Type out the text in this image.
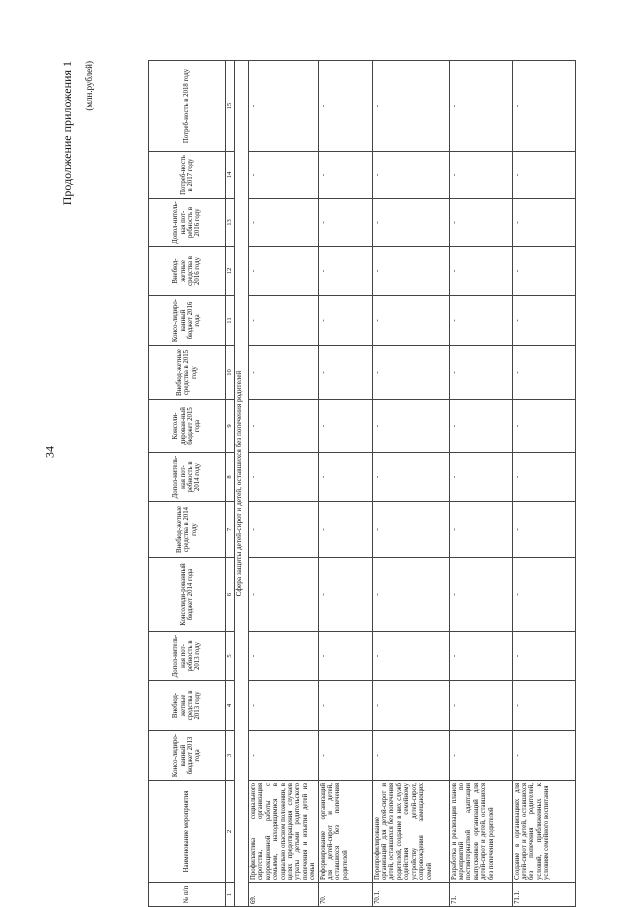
34
Продолжение приложения 1 (млн.рублей)
№ п/п	Наименование мероприятия	Консо-лидиро-ванный бюджет 2013 года	Внебюд-жетные средства в 2013 году	Допол-нитель-ная пот-ребность в 2013 году	Консолиди-рованный бюджет 2014 года	Внебюд-жетные средства в 2014 году	Допол-нитель-ная пот-ребность в 2014 году	Консоли-дирован-ный бюджет 2015 года	Внебюд-жетные средства в 2015 году	Консо-лидиро-ванный бюджет 2016 года	Внебюд-жетные средства в 2016 году	Допол-нитель-ная пот-ребность в 2016 году	Потреб-ность в 2017 году	Потреб-ность в 2018 году
1	2	3	4	5	6	7	8	9	10	11	12	13	14	15
Сфера защиты детей-сирот и детей, оставшихся без попечения родителей														
69.	Профилактика социального сиротства, организация коррекционной работы с семьями, находящимися в социально опасном положении, в целях предотвращения случаев утраты детьми родительского попечения и изъятия детей из семьи	-	-	-	-	-	-	-	-	-	-	-	-	-
70.	Реформирование организаций для детей-сирот и детей, оставшихся без попечения родителей	-	-	-	-	-	-	-	-	-	-	-	-	-
70.1.	Перепрофилирование организаций для детей-сирот и детей, оставшихся без попечения родителей, создание в них служб содействия семейному устройству детей-сирот, сопровождения замещающих семей	-	-	-	-	-	-	-	-	-	-	-	-	-
71.	Разработка и реализация планов мероприятий по постинтернатной адаптации выпускников организаций для детей-сирот и детей, оставшихся без попечения родителей	-	-	-	-	-	-	-	-	-	-	-	-	-
71.1.	Создание в организациях для детей-сирот и детей, оставшихся без попечения родителей, условий, приближенных к условиям семейного воспитания	-	-	-	-	-	-	-	-	-	-	-	-	-
